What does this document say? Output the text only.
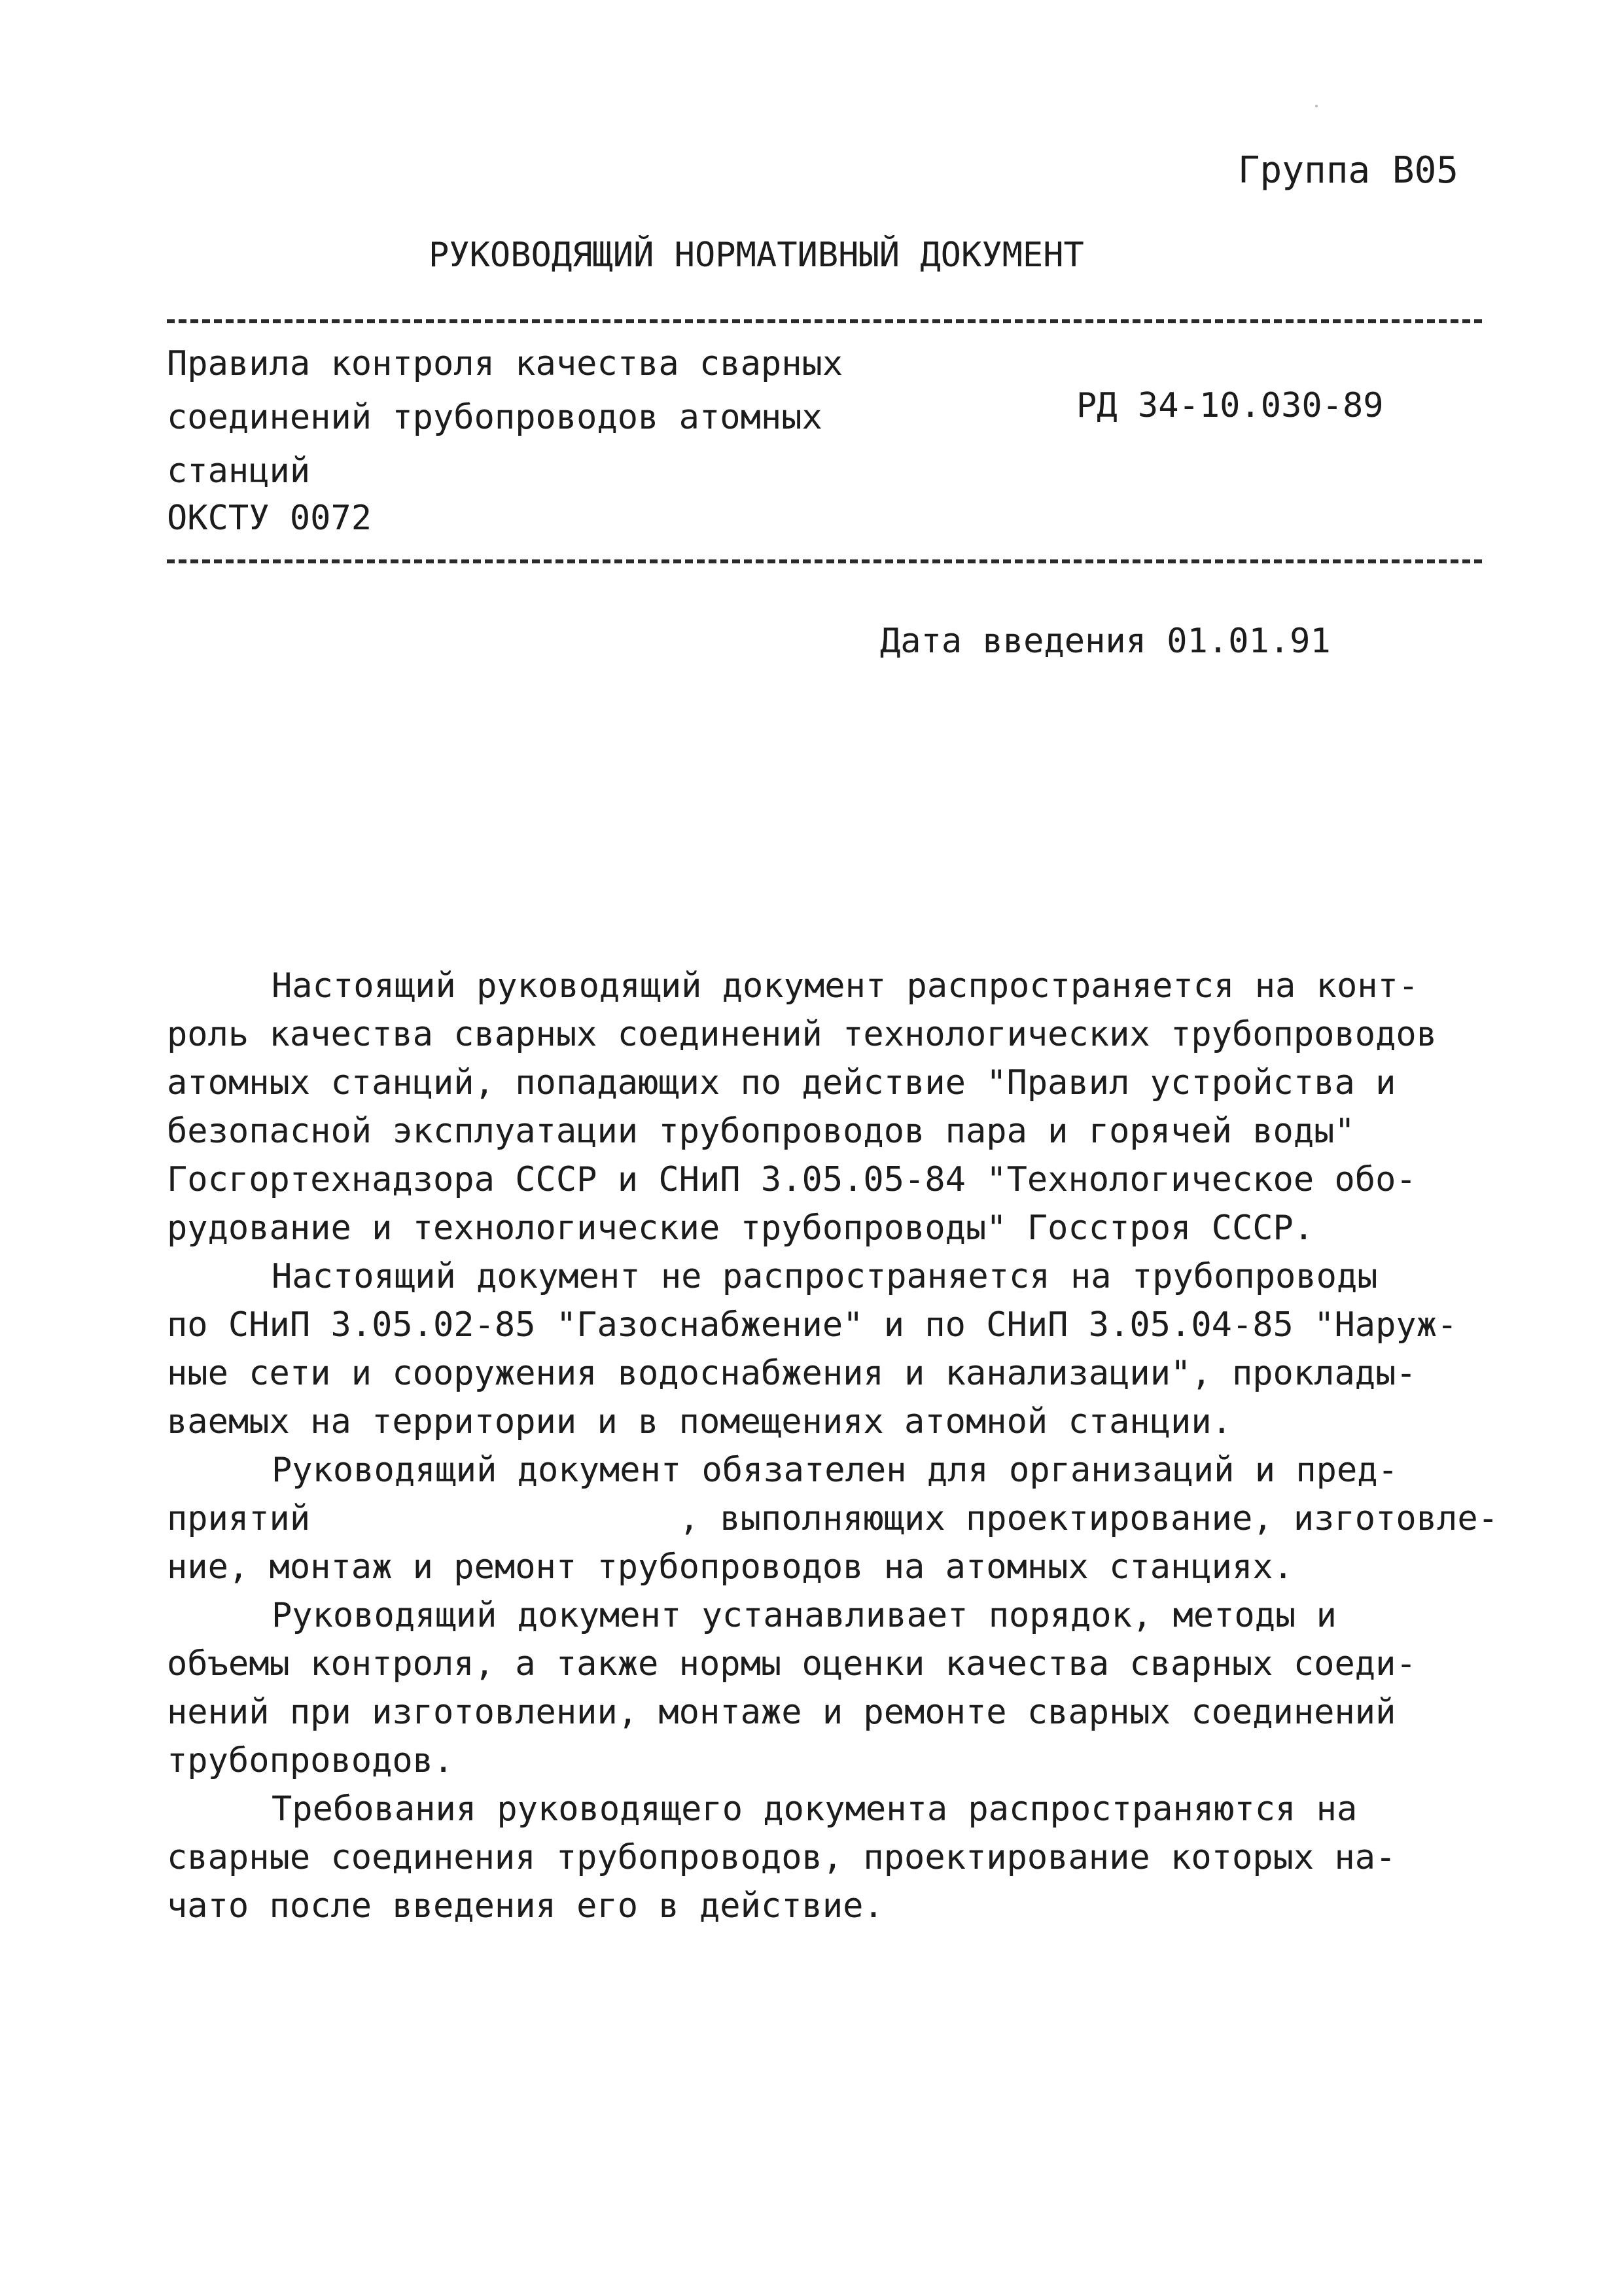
Группа В05
РУКОВОДЯЩИЙ НОРМАТИВНЫЙ ДОКУМЕНТ
Правила контроля качества сварных
соединений трубопроводов атомных
станций
РД 34-10.030-89
ОКСТУ 0072
Дата введения 01.01.91
Настоящий руководящий документ распространяется на конт-
роль качества сварных соединений технологических трубопроводов
атомных станций, попадающих по действие "Правил устройства и
безопасной эксплуатации трубопроводов пара и горячей воды"
Госгортехнадзора СССР и СНиП 3.05.05-84 "Технологическое обо-
рудование и технологические трубопроводы" Госстроя СССР.
Настоящий документ не распространяется на трубопроводы
по СНиП 3.05.02-85 "Газоснабжение" и по СНиП 3.05.04-85 "Наруж-
ные сети и сооружения водоснабжения и канализации", проклады-
ваемых на территории и в помещениях атомной станции.
Руководящий документ обязателен для организаций и пред-
приятий                  , выполняющих проектирование, изготовле-
ние, монтаж и ремонт трубопроводов на атомных станциях.
Руководящий документ устанавливает порядок, методы и
объемы контроля, а также нормы оценки качества сварных соеди-
нений при изготовлении, монтаже и ремонте сварных соединений
трубопроводов.
Требования руководящего документа распространяются на
сварные соединения трубопроводов, проектирование которых на-
чато после введения его в действие.
